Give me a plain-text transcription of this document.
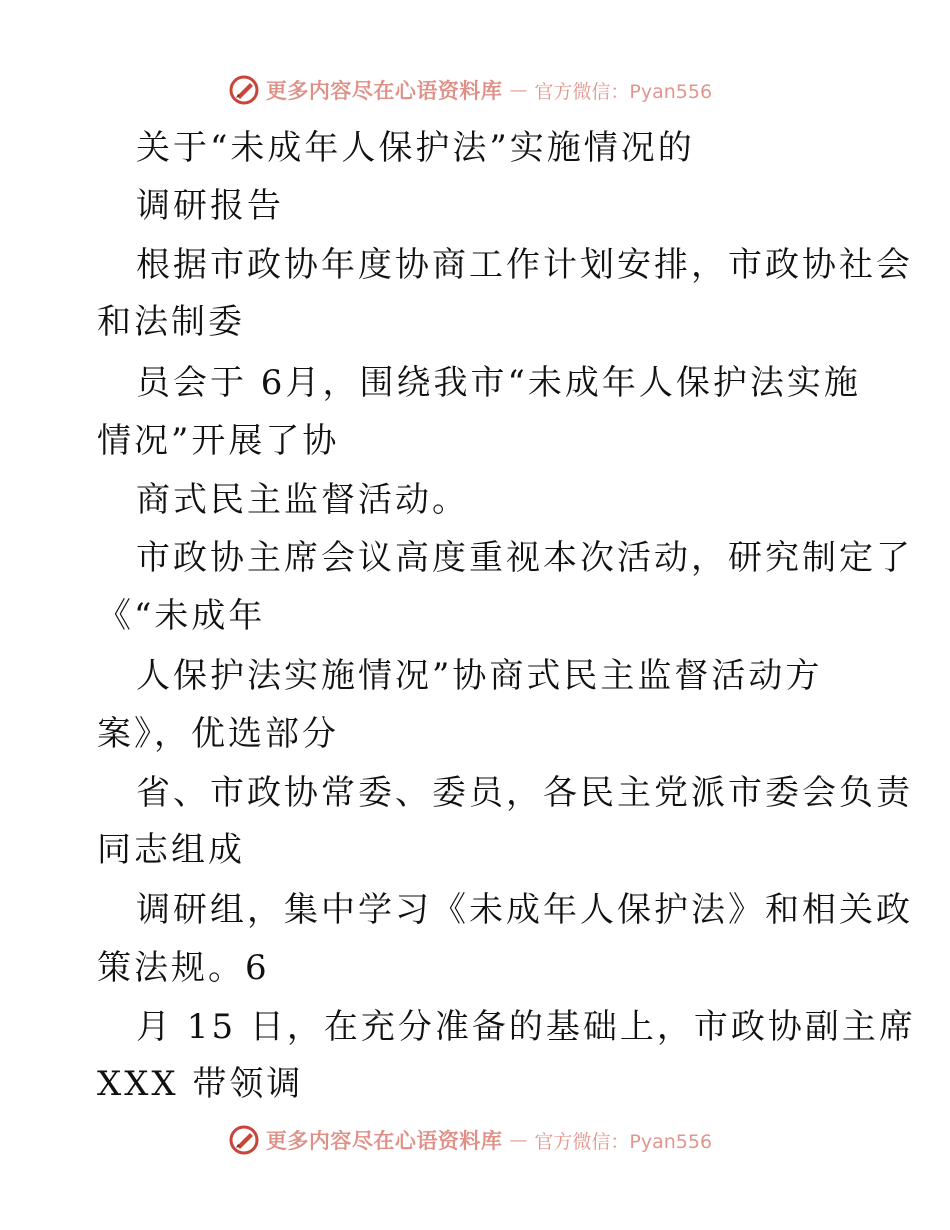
更多内容尽在心语资料库 — 官方微信：Pyan556
关于“未成年人保护法”实施情况的
调研报告
根据市政协年度协商工作计划安排，市政协社会
和法制委
员会于 6月，围绕我市“未成年人保护法实施
情况”开展了协
商式民主监督活动。
市政协主席会议高度重视本次活动，研究制定了
《“未成年
人保护法实施情况”协商式民主监督活动方
案》，优选部分
省、市政协常委、委员，各民主党派市委会负责
同志组成
调研组，集中学习《未成年人保护法》和相关政
策法规。6
月 15 日，在充分准备的基础上，市政协副主席
XXX 带领调
更多内容尽在心语资料库 — 官方微信：Pyan556
